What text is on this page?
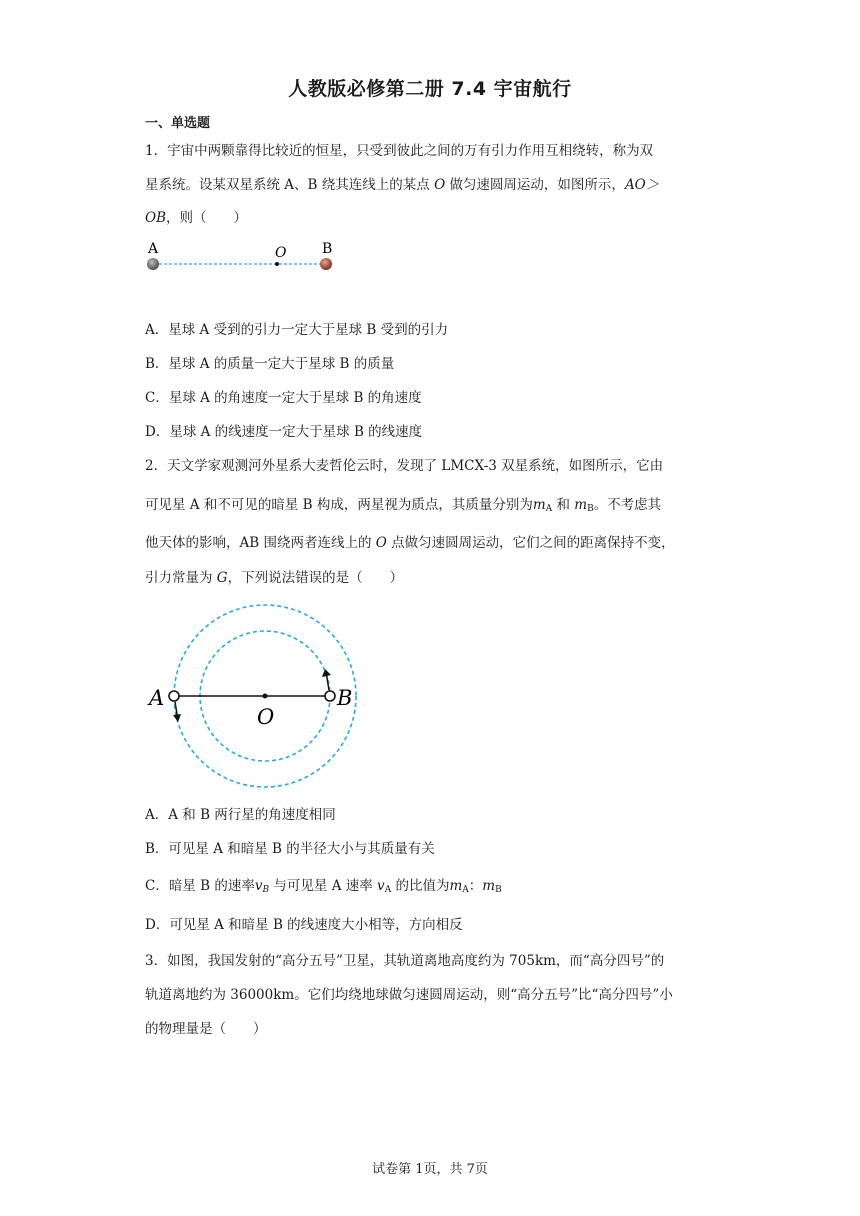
人教版必修第二册 7.4 宇宙航行
一、单选题
1．宇宙中两颗靠得比较近的恒星，只受到彼此之间的万有引力作用互相绕转，称为双
星系统。设某双星系统 A、B 绕其连线上的某点 O 做匀速圆周运动，如图所示，AO＞
OB，则（　　）
A	O	B
A．星球 A 受到的引力一定大于星球 B 受到的引力
B．星球 A 的质量一定大于星球 B 的质量
C．星球 A 的角速度一定大于星球 B 的角速度
D．星球 A 的线速度一定大于星球 B 的线速度
2．天文学家观测河外星系大麦哲伦云时，发现了 LMCX-3 双星系统，如图所示，它由
可见星 A 和不可见的暗星 B 构成，两星视为质点，其质量分别为$m_A$ 和 $m_B$。不考虑其
他天体的影响，AB 围绕两者连线上的 O 点做匀速圆周运动，它们之间的距离保持不变，
引力常量为 G，下列说法错误的是（　　）
A
O
B
A．A 和 B 两行星的角速度相同
B．可见星 A 和暗星 B 的半径大小与其质量有关
C．暗星 B 的速率$v_B$ 与可见星 A 速率 $v_A$ 的比值为$m_A$：$m_B$
D．可见星 A 和暗星 B 的线速度大小相等，方向相反
3．如图，我国发射的“高分五号”卫星，其轨道离地高度约为 705km，而“高分四号”的
轨道离地约为 36000km。它们均绕地球做匀速圆周运动，则“高分五号”比“高分四号”小
的物理量是（　　）
试卷第 1页，共 7页
